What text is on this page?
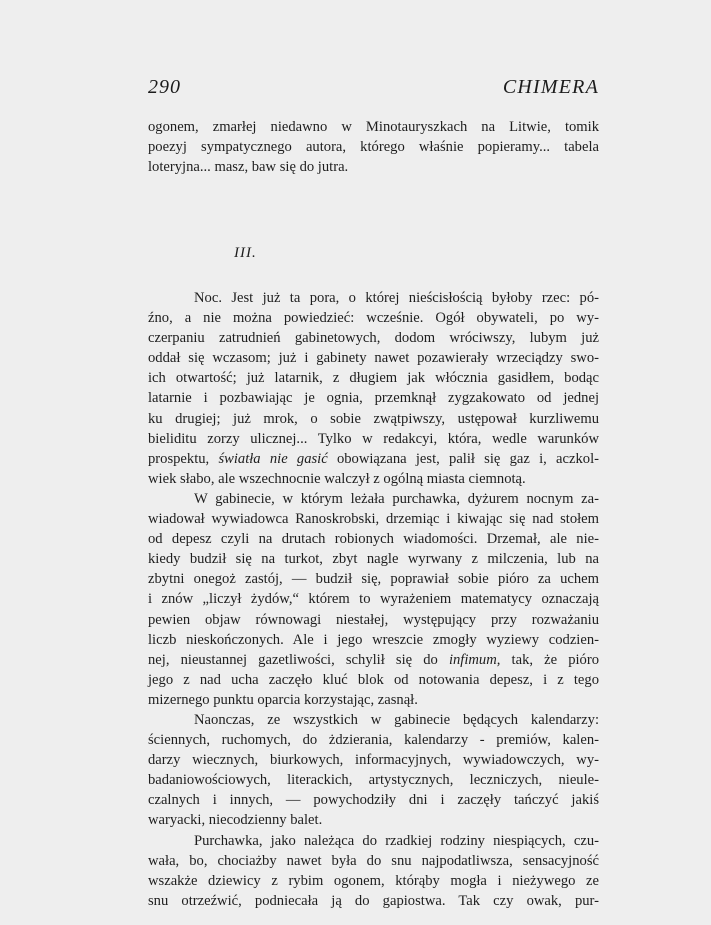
290	CHIMERA
ogonem, zmarłej niedawno w Minotauryszkach na Litwie, tomik
poezyj sympatycznego autora, którego właśnie popieramy... tabela
loteryjna... masz, baw się do jutra.
III.
Noc. Jest już ta pora, o której nieścisłością byłoby rzec: pó-
źno, a nie można powiedzieć: wcześnie. Ogół obywateli, po wy-
czerpaniu zatrudnień gabinetowych, dodom wróciwszy, lubym już
oddał się wczasom; już i gabinety nawet pozawierały wrzeciądzy swo-
ich otwartość; już latarnik, z długiem jak włócznia gasidłem, bodąc
latarnie i pozbawiając je ognia, przemknął zygzakowato od jednej
ku drugiej; już mrok, o sobie zwątpiwszy, ustępował kurzliwemu
bieliditu zorzy ulicznej... Tylko w redakcyi, która, wedle warunków
prospektu, światła nie gasić obowiązana jest, palił się gaz i, aczkol-
wiek słabo, ale wszechnocnie walczył z ogólną miasta ciemnotą.
W gabinecie, w którym leżała purchawka, dyżurem nocnym za-
wiadował wywiadowca Ranoskrobski, drzemiąc i kiwając się nad stołem
od depesz czyli na drutach robionych wiadomości. Drzemał, ale nie-
kiedy budził się na turkot, zbyt nagle wyrwany z milczenia, lub na
zbytni onegoż zastój, — budził się, poprawiał sobie pióro za uchem
i znów „liczył żydów,“ którem to wyrażeniem matematycy oznaczają
pewien objaw równowagi niestałej, występujący przy rozważaniu
liczb nieskończonych. Ale i jego wreszcie zmogły wyziewy codzien-
nej, nieustannej gazetliwości, schylił się do infimum, tak, że pióro
jego z nad ucha zaczęło kluć blok od notowania depesz, i z tego
mizernego punktu oparcia korzystając, zasnął.
Naonczas, ze wszystkich w gabinecie będących kalendarzy:
ściennych, ruchomych, do żdzierania, kalendarzy - premiów, kalen-
darzy wiecznych, biurkowych, informacyjnych, wywiadowczych, wy-
badaniowościowych, literackich, artystycznych, leczniczych, nieule-
czalnych i innych, — powychodziły dni i zaczęły tańczyć jakiś
waryacki, niecodzienny balet.
Purchawka, jako należąca do rzadkiej rodziny niespiących, czu-
wała, bo, chociażby nawet była do snu najpodatliwsza, sensacyjność
wszakże dziewicy z rybim ogonem, którąby mogła i nieżywego ze
snu otrzeźwić, podniecała ją do gapiostwa. Tak czy owak, pur-
